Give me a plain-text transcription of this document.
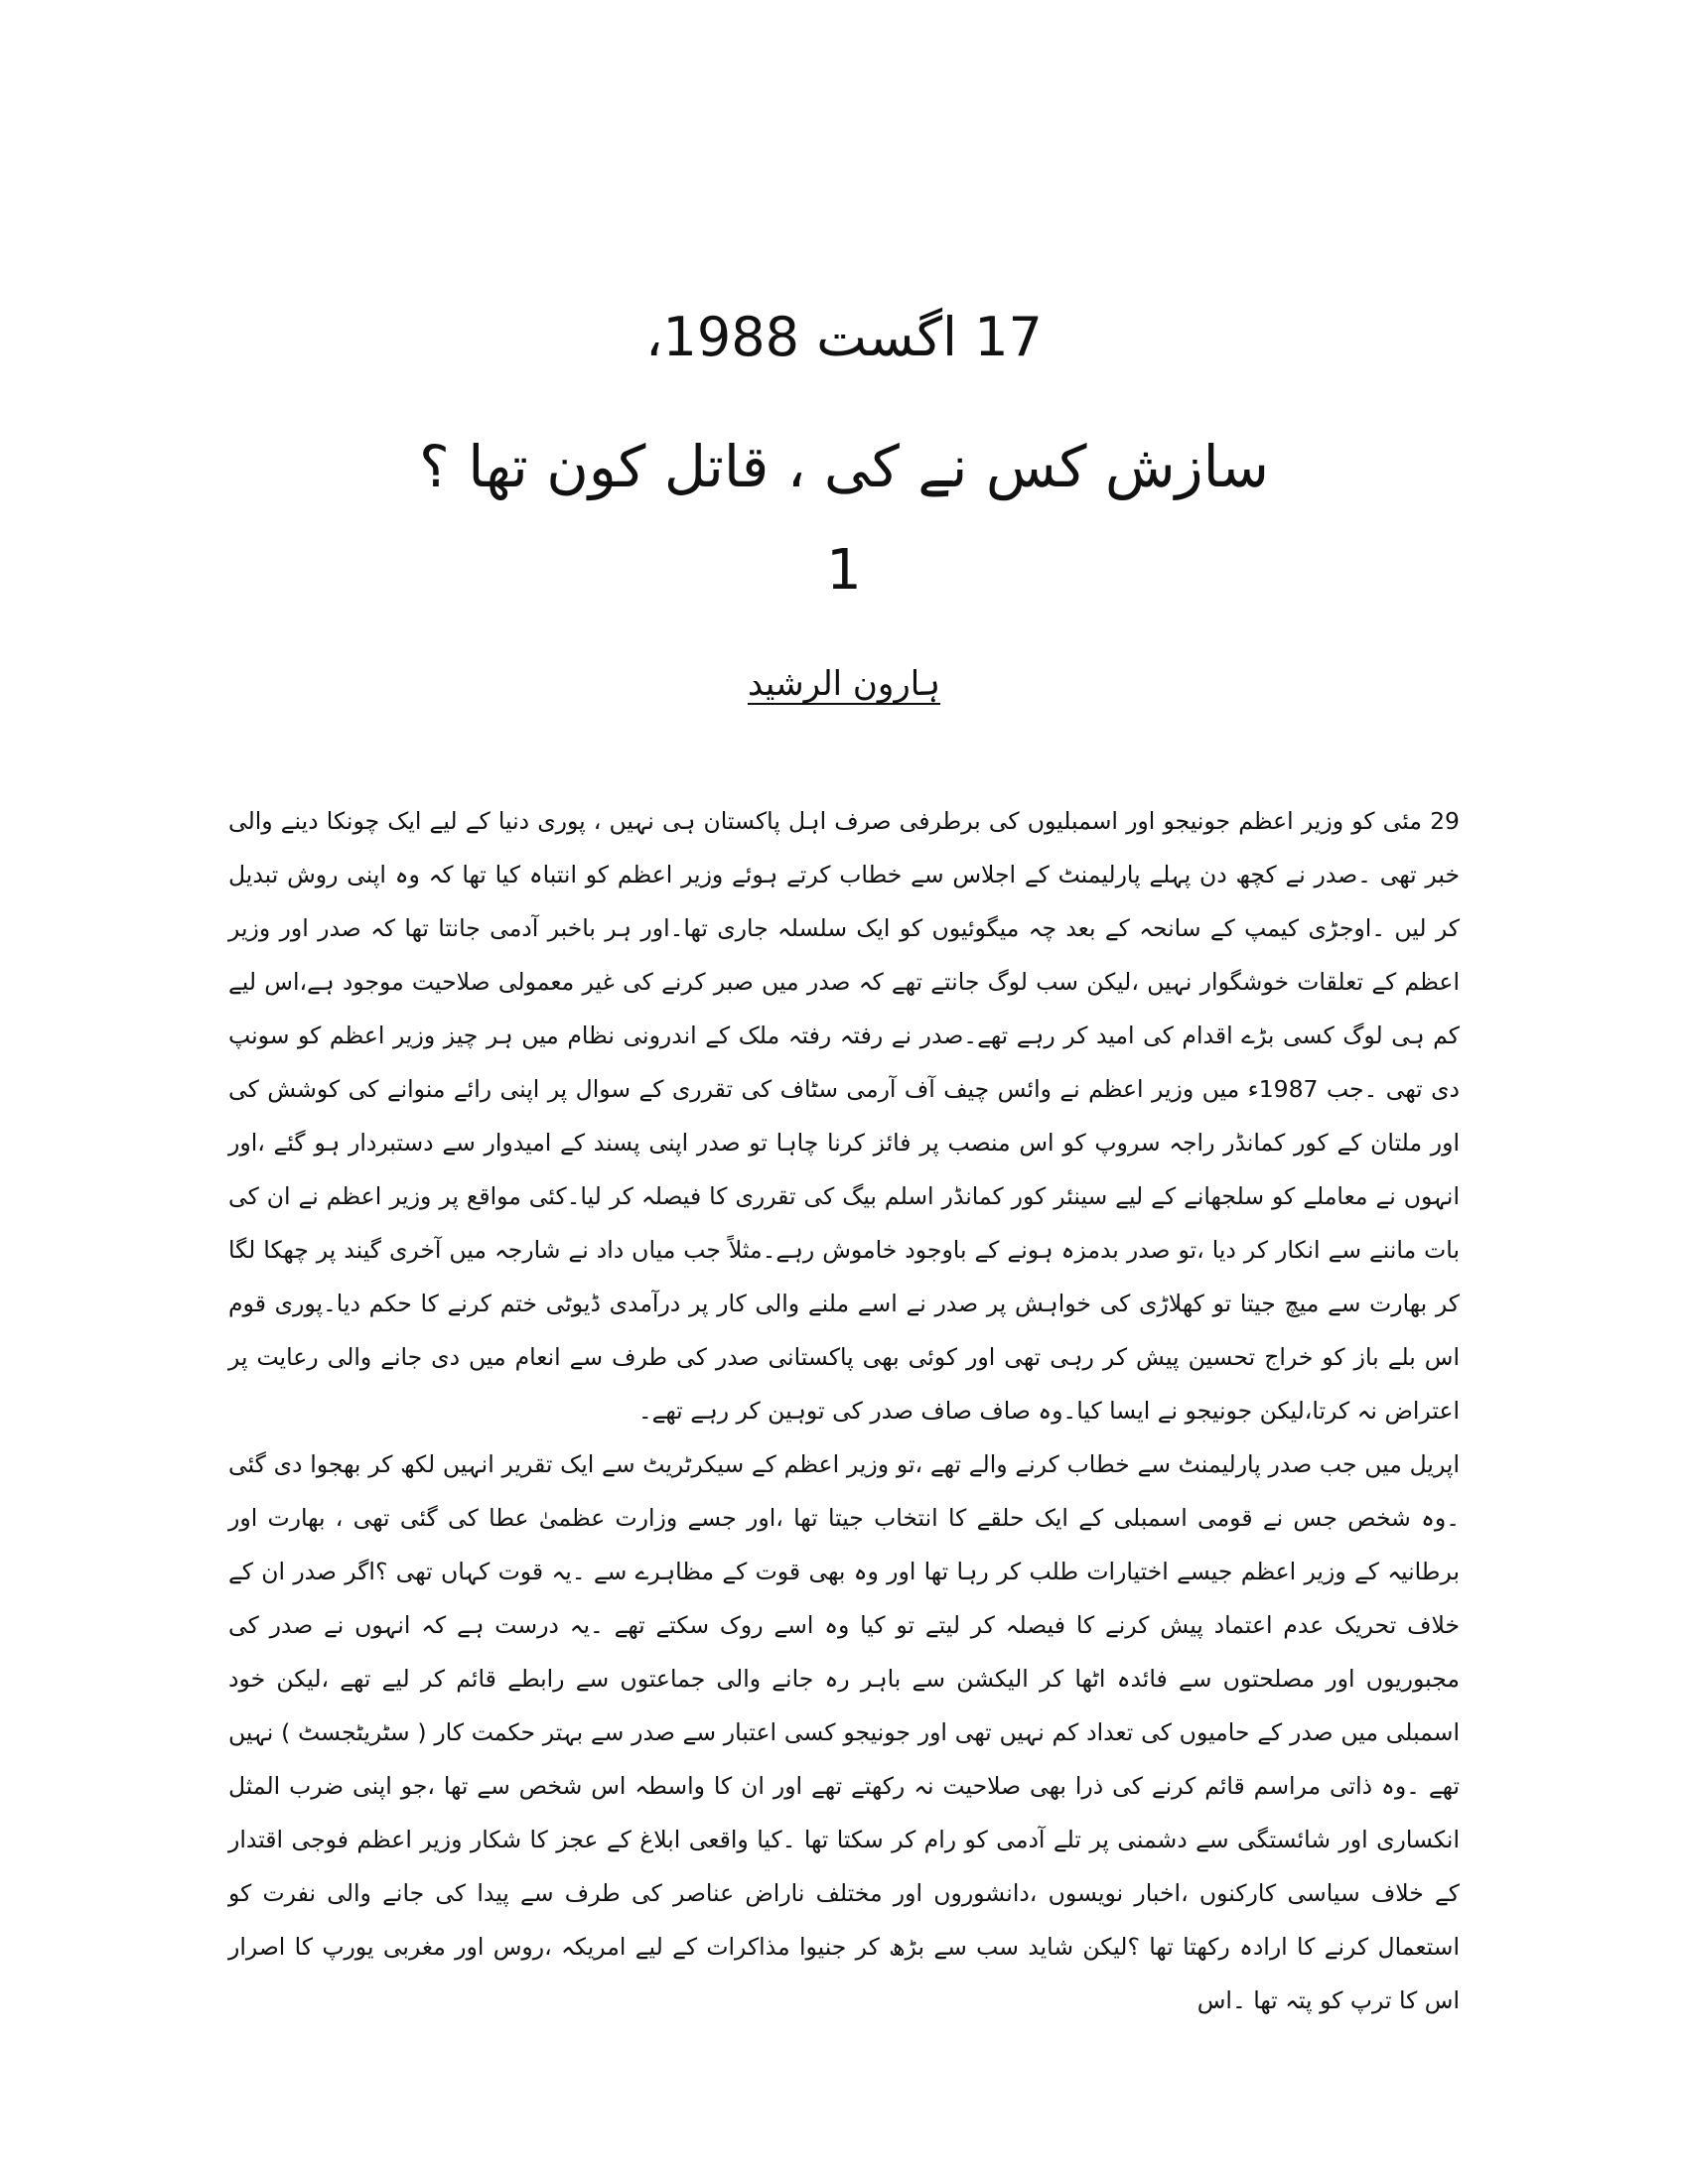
17 اگست 1988،
سازش کس نے کی ، قاتل کون تھا ؟
1
ہارون الرشید

29 مئی کو وزیر اعظم جونیجو اور اسمبلیوں کی برطرفی صرف اہل پاکستان ہی نہیں ، پوری دنیا کے لیے ایک چونکا دینے والی خبر تھی ۔صدر نے کچھ دن پہلے پارلیمنٹ کے اجلاس سے خطاب کرتے ہوئے وزیر اعظم کو انتباہ کیا تھا کہ وہ اپنی روش تبدیل کر لیں ۔اوجڑی کیمپ کے سانحہ کے بعد چہ میگوئیوں کو ایک سلسلہ جاری تھا۔اور ہر باخبر آدمی جانتا تھا کہ صدر اور وزیر اعظم کے تعلقات خوشگوار نہیں ،لیکن سب لوگ جانتے تھے کہ صدر میں صبر کرنے کی غیر معمولی صلاحیت موجود ہے،اس لیے کم ہی لوگ کسی بڑے اقدام کی امید کر رہے تھے۔صدر نے رفتہ رفتہ ملک کے اندرونی نظام میں ہر چیز وزیر اعظم کو سونپ دی تھی ۔جب 1987ء میں وزیر اعظم نے وائس چیف آف آرمی سٹاف کی تقرری کے سوال پر اپنی رائے منوانے کی کوشش کی اور ملتان کے کور کمانڈر راجہ سروپ کو اس منصب پر فائز کرنا چاہا تو صدر اپنی پسند کے امیدوار سے دستبردار ہو گئے ،اور انہوں نے معاملے کو سلجھانے کے لیے سینئر کور کمانڈر اسلم بیگ کی تقرری کا فیصلہ کر لیا۔کئی مواقع پر وزیر اعظم نے ان کی بات ماننے سے انکار کر دیا ،تو صدر بدمزہ ہونے کے باوجود خاموش رہے۔مثلاً جب میاں داد نے شارجہ میں آخری گیند پر چھکا لگا کر بھارت سے میچ جیتا تو کھلاڑی کی خواہش پر صدر نے اسے ملنے والی کار پر درآمدی ڈیوٹی ختم کرنے کا حکم دیا۔پوری قوم اس بلے باز کو خراج تحسین پیش کر رہی تھی اور کوئی بھی پاکستانی صدر کی طرف سے انعام میں دی جانے والی رعایت پر اعتراض نہ کرتا،لیکن جونیجو نے ایسا کیا۔وہ صاف صاف صدر کی توہین کر رہے تھے۔

اپریل میں جب صدر پارلیمنٹ سے خطاب کرنے والے تھے ،تو وزیر اعظم کے سیکرٹریٹ سے ایک تقریر انہیں لکھ کر بھجوا دی گئی ۔وہ شخص جس نے قومی اسمبلی کے ایک حلقے کا انتخاب جیتا تھا ،اور جسے وزارت عظمیٰ عطا کی گئی تھی ، بھارت اور برطانیہ کے وزیر اعظم جیسے اختیارات طلب کر رہا تھا اور وہ بھی قوت کے مظاہرے سے ۔یہ قوت کہاں تھی ؟اگر صدر ان کے خلاف تحریک عدم اعتماد پیش کرنے کا فیصلہ کر لیتے تو کیا وہ اسے روک سکتے تھے ۔یہ درست ہے کہ انہوں نے صدر کی مجبوریوں اور مصلحتوں سے فائدہ اٹھا کر الیکشن سے باہر رہ جانے والی جماعتوں سے رابطے قائم کر لیے تھے ،لیکن خود اسمبلی میں صدر کے حامیوں کی تعداد کم نہیں تھی اور جونیجو کسی اعتبار سے صدر سے بہتر حکمت کار ( سٹریٹجسٹ ) نہیں تھے ۔وہ ذاتی مراسم قائم کرنے کی ذرا بھی صلاحیت نہ رکھتے تھے اور ان کا واسطہ اس شخص سے تھا ،جو اپنی ضرب المثل انکساری اور شائستگی سے دشمنی پر تلے آدمی کو رام کر سکتا تھا ۔کیا واقعی ابلاغ کے عجز کا شکار وزیر اعظم فوجی اقتدار کے خلاف سیاسی کارکنوں ،اخبار نویسوں ،دانشوروں اور مختلف ناراض عناصر کی طرف سے پیدا کی جانے والی نفرت کو استعمال کرنے کا ارادہ رکھتا تھا ؟لیکن شاید سب سے بڑھ کر جنیوا مذاکرات کے لیے امریکہ ،روس اور مغربی یورپ کا اصرار اس کا ترپ کو پتہ تھا ۔اس
